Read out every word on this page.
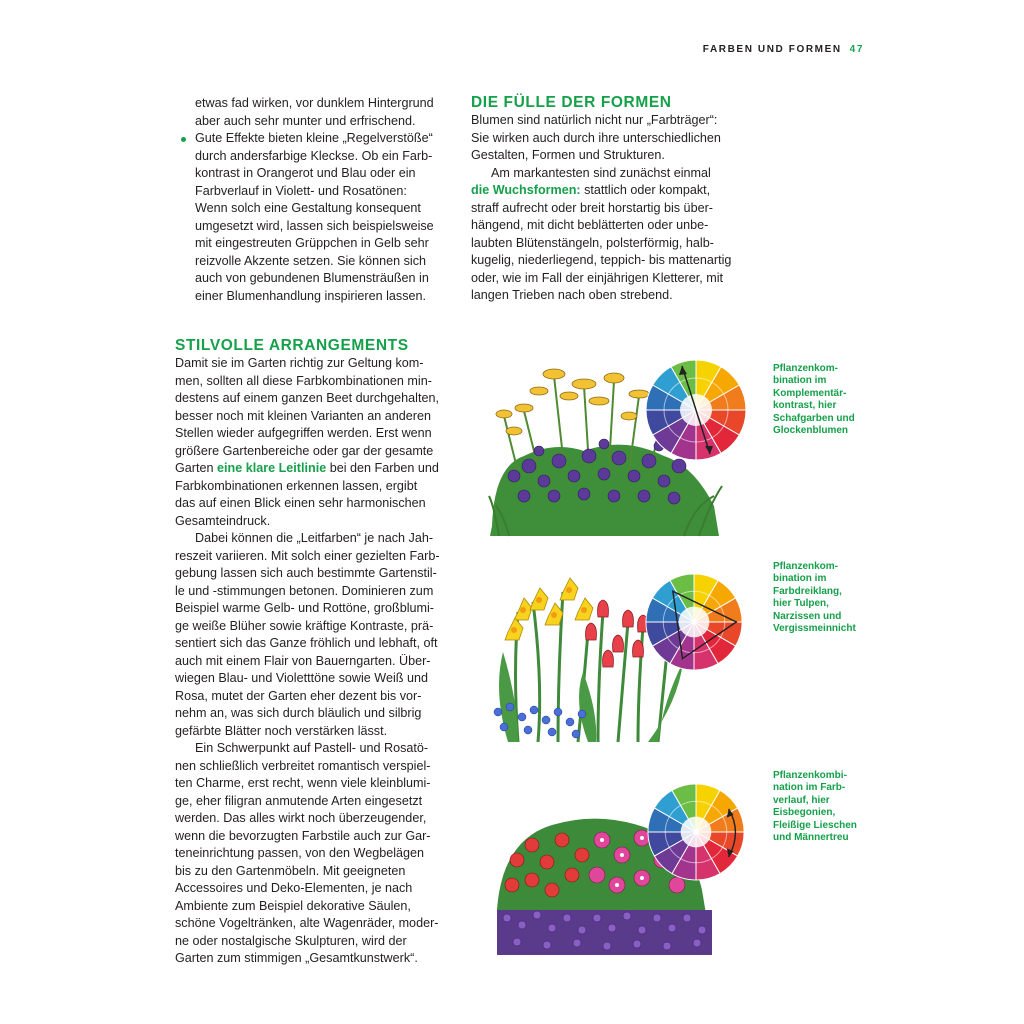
FARBEN UND FORMEN 47

etwas fad wirken, vor dunklem Hintergrund

aber auch sehr munter und erfrischend.

Gute Effekte bieten kleine „Regelverstöße“

durch andersfarbige Kleckse. Ob ein Farb-

kontrast in Orangerot und Blau oder ein

Farbverlauf in Violett- und Rosatönen:

Wenn solch eine Gestaltung konsequent

umgesetzt wird, lassen sich beispielsweise

mit eingestreuten Grüppchen in Gelb sehr

reizvolle Akzente setzen. Sie können sich

auch von gebundenen Blumensträußen in

einer Blumenhandlung inspirieren lassen.

DIE FÜLLE DER FORMEN

Blumen sind natürlich nicht nur „Farbträger“:

Sie wirken auch durch ihre unterschiedlichen

Gestalten, Formen und Strukturen.

Am markantesten sind zunächst einmal

die Wuchsformen: stattlich oder kompakt,

straff aufrecht oder breit horstartig bis über-

hängend, mit dicht beblätterten oder unbe-

laubten Blütenstängeln, polsterförmig, halb-

kugelig, niederliegend, teppich- bis mattenartig

oder, wie im Fall der einjährigen Kletterer, mit

langen Trieben nach oben strebend.

STILVOLLE ARRANGEMENTS

Damit sie im Garten richtig zur Geltung kom-

men, sollten all diese Farbkombinationen min-

destens auf einem ganzen Beet durchgehalten,

besser noch mit kleinen Varianten an anderen

Stellen wieder aufgegriffen werden. Erst wenn

größere Gartenbereiche oder gar der gesamte

Garten eine klare Leitlinie bei den Farben und

Farbkombinationen erkennen lassen, ergibt

das auf einen Blick einen sehr harmonischen

Gesamteindruck.

Dabei können die „Leitfarben“ je nach Jah-

reszeit variieren. Mit solch einer gezielten Farb-

gebung lassen sich auch bestimmte Gartenstil-

le und -stimmungen betonen. Dominieren zum

Beispiel warme Gelb- und Rottöne, großblumi-

ge weiße Blüher sowie kräftige Kontraste, prä-

sentiert sich das Ganze fröhlich und lebhaft, oft

auch mit einem Flair von Bauerngarten. Über-

wiegen Blau- und Violetttöne sowie Weiß und

Rosa, mutet der Garten eher dezent bis vor-

nehm an, was sich durch bläulich und silbrig

gefärbte Blätter noch verstärken lässt.

Ein Schwerpunkt auf Pastell- und Rosatö-

nen schließlich verbreitet romantisch verspiel-

ten Charme, erst recht, wenn viele kleinblumi-

ge, eher filigran anmutende Arten eingesetzt

werden. Das alles wirkt noch überzeugender,

wenn die bevorzugten Farbstile auch zur Gar-

teneinrichtung passen, von den Wegbelägen

bis zu den Gartenmöbeln. Mit geeigneten

Accessoires und Deko-Elementen, je nach

Ambiente zum Beispiel dekorative Säulen,

schöne Vogeltränken, alte Wagenräder, moder-

ne oder nostalgische Skulpturen, wird der

Garten zum stimmigen „Gesamtkunstwerk“.

Pflanzenkom-
bination im
Komplementär-
kontrast, hier
Schafgarben und
Glockenblumen
Pflanzenkom-
bination im
Farbdreiklang,
hier Tulpen,
Narzissen und
Vergissmeinnicht
Pflanzenkombi-
nation im Farb-
verlauf, hier
Eisbegonien,
Fleißige Lieschen
und Männertreu
